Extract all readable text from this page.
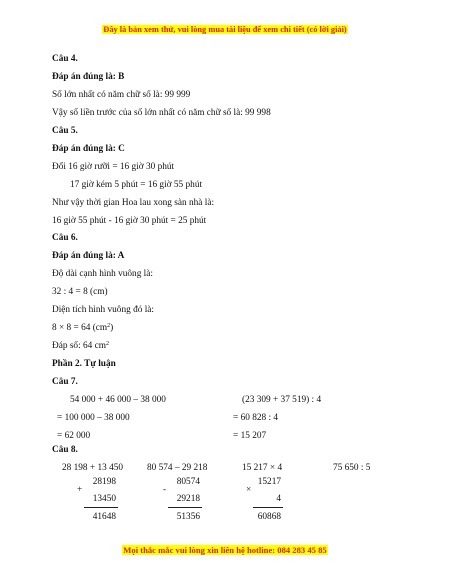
Đây là bản xem thử, vui lòng mua tài liệu để xem chi tiết (có lời giải)
Câu 4.
Đáp án đúng là: B
Số lớn nhất có năm chữ số là: 99 999
Vậy số liền trước của số lớn nhất có năm chữ số là: 99 998
Câu 5.
Đáp án đúng là: C
Đổi 16 giờ rưỡi = 16 giờ 30 phút
17 giờ kém 5 phút = 16 giờ 55 phút
Như vậy thời gian Hoa lau xong sàn nhà là:
16 giờ 55 phút - 16 giờ 30 phút = 25 phút
Câu 6.
Đáp án đúng là: A
Độ dài cạnh hình vuông là:
32 : 4 = 8 (cm)
Diện tích hình vuông đó là:
8 × 8 = 64 $(cm^2)$
Đáp số: 64 $cm^2$
Phần 2. Tự luận
Câu 7.
54 000 + 46 000 – 38 000
= 100 000 – 38 000
= 62 000
(23 309 + 37 519) : 4
= 60 828 : 4
= 15 207
Câu 8.
28 198 + 13 450	80 574 – 29 218	15 217 × 4	75 650 : 5
+
28198
13450
41648
-
80574
29218
51356
×
15217
4
60868
Mọi thắc mắc vui lòng xin liên hệ hotline: 084 283 45 85
